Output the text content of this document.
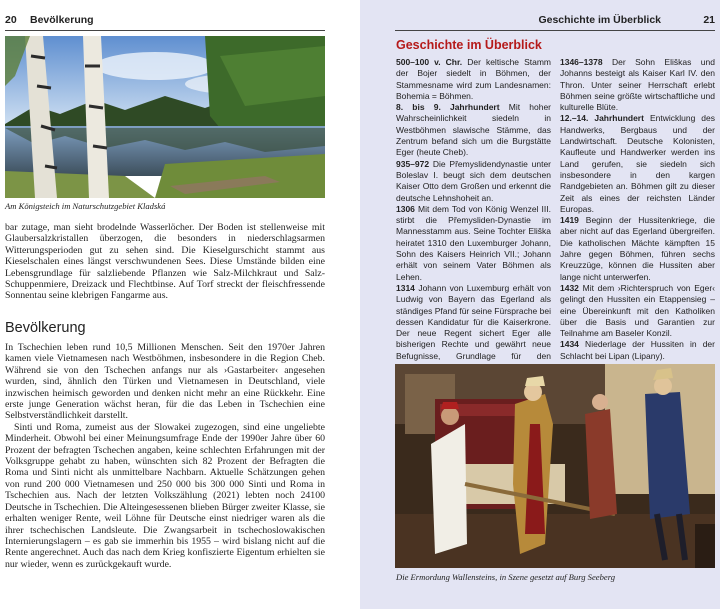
20 Bevölkerung
Am Königsteich im Naturschutzgebiet Kladská

bar zutage, man sieht brodelnde Wasserlöcher. Der Boden ist stellenweise mit Glaubersalzkristallen überzogen, die besonders in niederschlagsarmen Witterungsperioden gut zu sehen sind. Die Kieselgurschicht stammt aus Kieselschalen eines längst verschwundenen Sees. Diese Umstände bilden eine Lebensgrundlage für salzliebende Pflanzen wie Salz-Milchkraut und Salz-Schuppenmiere, Dreizack und Flechtbinse. Auf Torf streckt der fleischfressende Sonnentau seine klebrigen Fangarme aus.

Bevölkerung

In Tschechien leben rund 10,5 Millionen Menschen. Seit den 1970er Jahren kamen viele Vietnamesen nach Westböhmen, insbesondere in die Region Cheb. Während sie von den Tschechen anfangs nur als ›Gastarbeiter‹ angesehen wurden, sind, ähnlich den Türken und Vietnamesen in Deutschland, viele inzwischen heimisch geworden und denken nicht mehr an eine Rückkehr. Eine erste junge Generation wächst heran, für die das Leben in Tschechien eine Selbstverständlichkeit darstellt.

Sinti und Roma, zumeist aus der Slowakei zugezogen, sind eine ungeliebte Minderheit. Obwohl bei einer Meinungsumfrage Ende der 1990er Jahre über 60 Prozent der befragten Tschechen angaben, keine schlechten Erfahrungen mit der Volksgruppe gehabt zu haben, wünschten sich 82 Prozent der Befragten die Roma und Sinti nicht als unmittelbare Nachbarn. Aktuelle Schätzungen gehen von rund 200 000 Vietnamesen und 250 000 bis 300 000 Sinti und Roma in Tschechien aus. Nach der letzten Volkszählung (2021) lebten noch 24100 Deutsche in Tschechien. Die Alteingesessenen blieben Bürger zweiter Klasse, sie erhalten weniger Rente, weil Löhne für Deutsche einst niedriger waren als die ihrer tschechischen Landsleute. Die Zwangsarbeit in tschechoslowakischen Internierungslagern – es gab sie immerhin bis 1955 – wird bislang nicht auf die Rente angerechnet. Auch das nach dem Krieg konfiszierte Eigentum erhielten sie nur wieder, wenn es zurückgekauft wurde.

Geschichte im Überblick	21
Geschichte im Überblick

500–100 v. Chr. Der keltische Stamm der Bojer siedelt in Böhmen, der Stammesname wird zum Landesnamen: Bohemia = Böhmen.

8. bis 9. Jahrhundert Mit hoher Wahrscheinlichkeit siedeln in Westböhmen slawische Stämme, das Zentrum befand sich um die Burgstätte Eger (heute Cheb).

935–972 Die Přemyslidendynastie unter Boleslav I. beugt sich dem deutschen Kaiser Otto dem Großen und erkennt die deutsche Lehnshoheit an.

1306 Mit dem Tod von König Wenzel III. stirbt die Přemysliden-Dynastie im Mannesstamm aus. Seine Tochter Eliška heiratet 1310 den Luxemburger Johann, Sohn des Kaisers Heinrich VII.; Johann erhält von seinem Vater Böhmen als Lehen.

1314 Johann von Luxemburg erhält von Ludwig von Bayern das Egerland als ständiges Pfand für seine Fürsprache bei dessen Kandidatur für die Kaiserkrone. Der neue Regent sichert Eger alle bisherigen Rechte und gewährt neue Befugnisse, Grundlage für den

1346–1378 Der Sohn Eliškas und Johanns besteigt als Kaiser Karl IV. den Thron. Unter seiner Herrschaft erlebt Böhmen seine größte wirtschaftliche und kulturelle Blüte.

12.–14. Jahrhundert Entwicklung des Handwerks, Bergbaus und der Landwirtschaft. Deutsche Kolonisten, Kaufleute und Handwerker werden ins Land gerufen, sie siedeln sich insbesondere in den kargen Randgebieten an. Böhmen gilt zu dieser Zeit als eines der reichsten Länder Europas.

1419 Beginn der Hussitenkriege, die aber nicht auf das Egerland übergreifen. Die katholischen Mächte kämpften 15 Jahre gegen Böhmen, führen sechs Kreuzzüge, können die Hussiten aber lange nicht unterwerfen.

1432 Mit dem ›Richterspruch von Eger‹ gelingt den Hussiten ein Etappensieg – eine Übereinkunft mit den Katholiken über die Basis und Garantien zur Teilnahme am Baseler Konzil.

1434 Niederlage der Hussiten in der Schlacht bei Lipan (Lipany).

Die Ermordung Wallensteins, in Szene gesetzt auf Burg Seeberg
